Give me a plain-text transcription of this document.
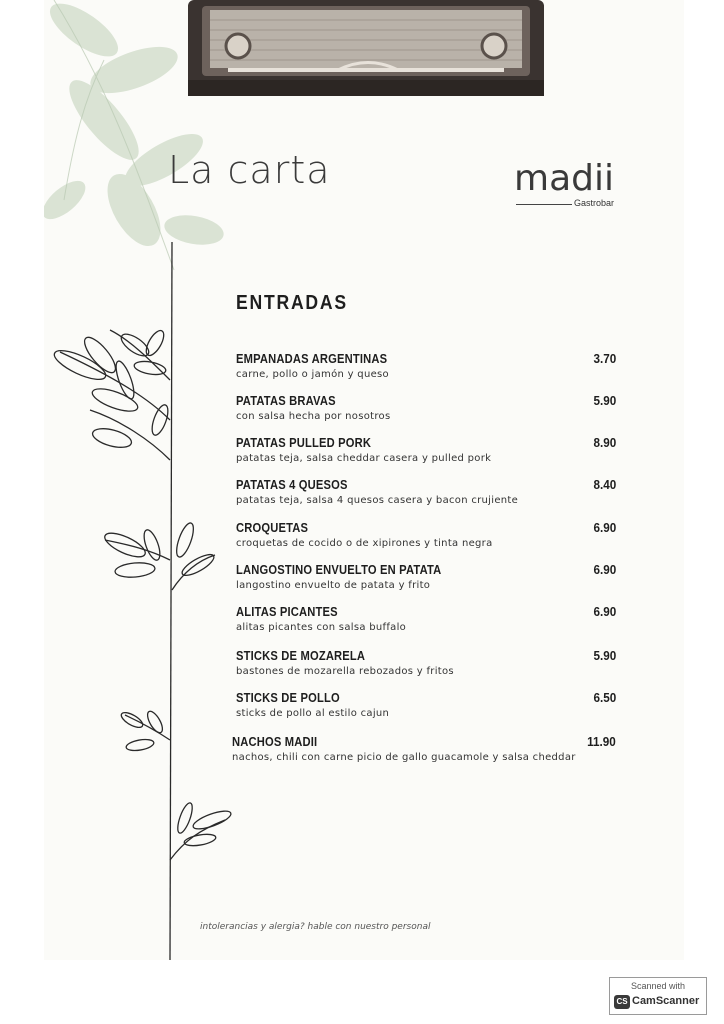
La carta	madii
Gastrobar
ENTRADAS
EMPANADAS ARGENTINAS
carne, pollo o jamón y queso
3.70
PATATAS BRAVAS
con salsa hecha por nosotros
5.90
PATATAS PULLED PORK
patatas teja, salsa cheddar casera y pulled pork
8.90
PATATAS 4 QUESOS
patatas teja, salsa 4 quesos casera y bacon crujiente
8.40
CROQUETAS
croquetas de cocido o de xipirones y tinta negra
6.90
LANGOSTINO ENVUELTO EN PATATA
langostino envuelto de patata y frito
6.90
ALITAS PICANTES
alitas picantes con salsa buffalo
6.90
STICKS DE MOZARELA
bastones de mozarella rebozados y fritos
5.90
STICKS DE POLLO
sticks de pollo al estilo cajun
6.50
NACHOS MADII
nachos, chili con carne picio de gallo guacamole y salsa cheddar
11.90
intolerancias y alergia? hable con nuestro personal
Scanned with
CS CamScanner
